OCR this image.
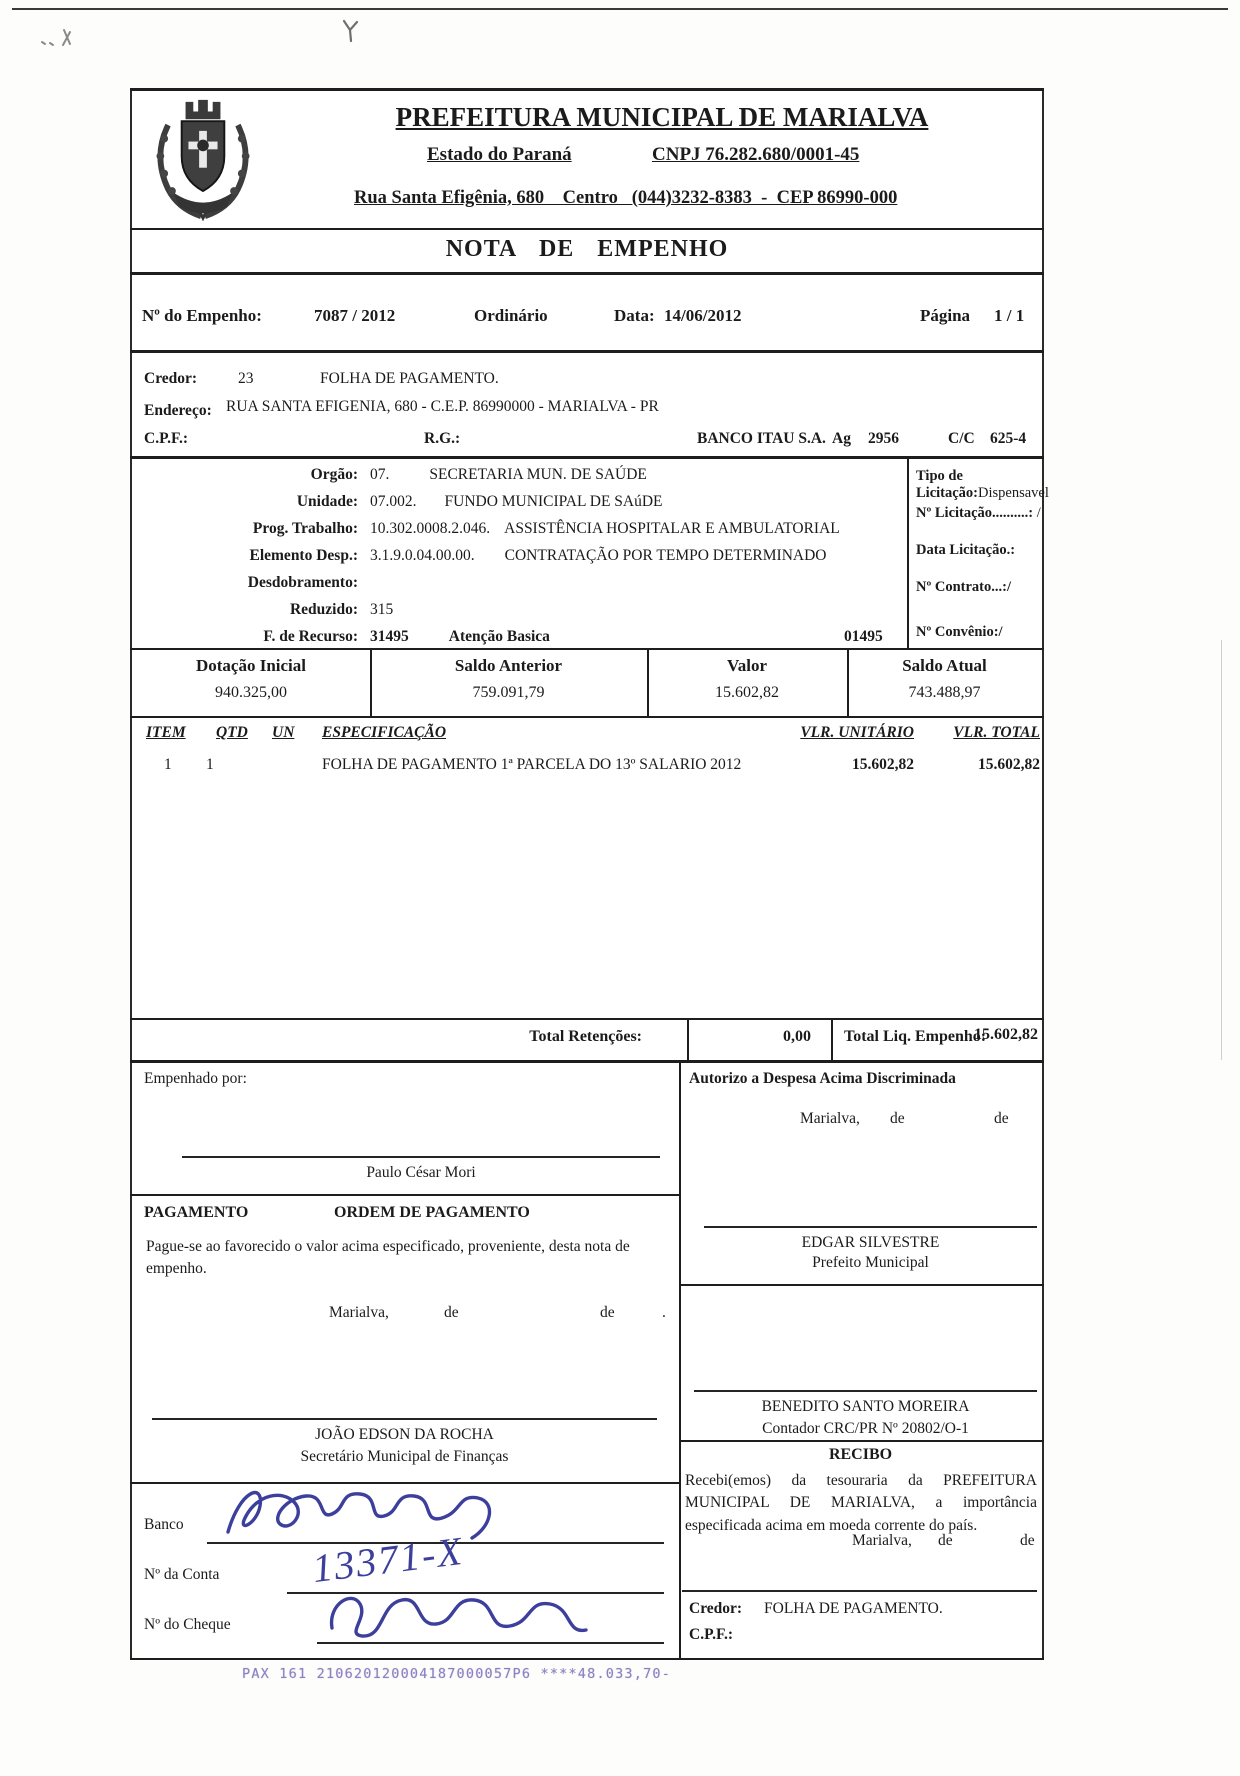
PREFEITURA MUNICIPAL DE MARIALVA
Estado do Paraná	CNPJ 76.282.680/0001-45
Rua Santa Efigênia, 680    Centro   (044)3232-8383  -  CEP 86990-000
NOTA DE EMPENHO
Nº do Empenho:	7087 / 2012	Ordinário	Data: 14/06/2012	Página 1 / 1
Credor:	23	FOLHA DE PAGAMENTO.
Endereço: RUA SANTA EFIGENIA, 680 - C.E.P. 86990000 - MARIALVA - PR
C.P.F.:	R.G.:	BANCO ITAU S.A. Ag 2956	C/C 625-4
Orgão: 07.	SECRETARIA MUN. DE SAÚDE
Unidade: 07.002. FUNDO MUNICIPAL DE SAúDE
Prog. Trabalho: 10.302.0008.2.046. ASSISTÊNCIA HOSPITALAR E AMBULATORIAL
Elemento Desp.: 3.1.9.0.04.00.00. CONTRATAÇÃO POR TEMPO DETERMINADO
Desdobramento:
Reduzido: 315
F. de Recurso: 31495	Atenção Basica	01495
Tipo de Licitação:Dispensavel
Nº Licitação..........: /
Data Licitação.:
Nº Contrato...:/
Nº Convênio:/
Dotação Inicial	Saldo Anterior	Valor	Saldo Atual
940.325,00	759.091,79	15.602,82	743.488,97
ITEM QTD UN ESPECIFICAÇÃO	VLR. UNITÁRIO	VLR. TOTAL
1 1	FOLHA DE PAGAMENTO 1ª PARCELA DO 13º SALARIO 2012	15.602,82	15.602,82
Total Retenções:	0,00 Total Liq. Empenho:
15.602,82
Empenhado por:
Paulo César Mori
PAGAMENTO	ORDEM DE PAGAMENTO
Pague-se ao favorecido o valor acima especificado, proveniente, desta nota de empenho.
Marialva,	de	de	.
JOÃO EDSON DA ROCHA
Secretário Municipal de Finanças
Banco
Nº da Conta 13371-X
Nº do Cheque
Autorizo a Despesa Acima Discriminada
Marialva, de	de
EDGAR SILVESTRE
Prefeito Municipal
BENEDITO SANTO MOREIRA
Contador CRC/PR Nº 20802/O-1
RECIBO
Recebi(emos) da tesouraria da PREFEITURA MUNICIPAL DE MARIALVA, a importância especificada acima em moeda corrente do país.
Marialva, de	de
Credor: FOLHA DE PAGAMENTO.
C.P.F.:
PAX 161 210620120004187000057P6 ****48.033,70-
